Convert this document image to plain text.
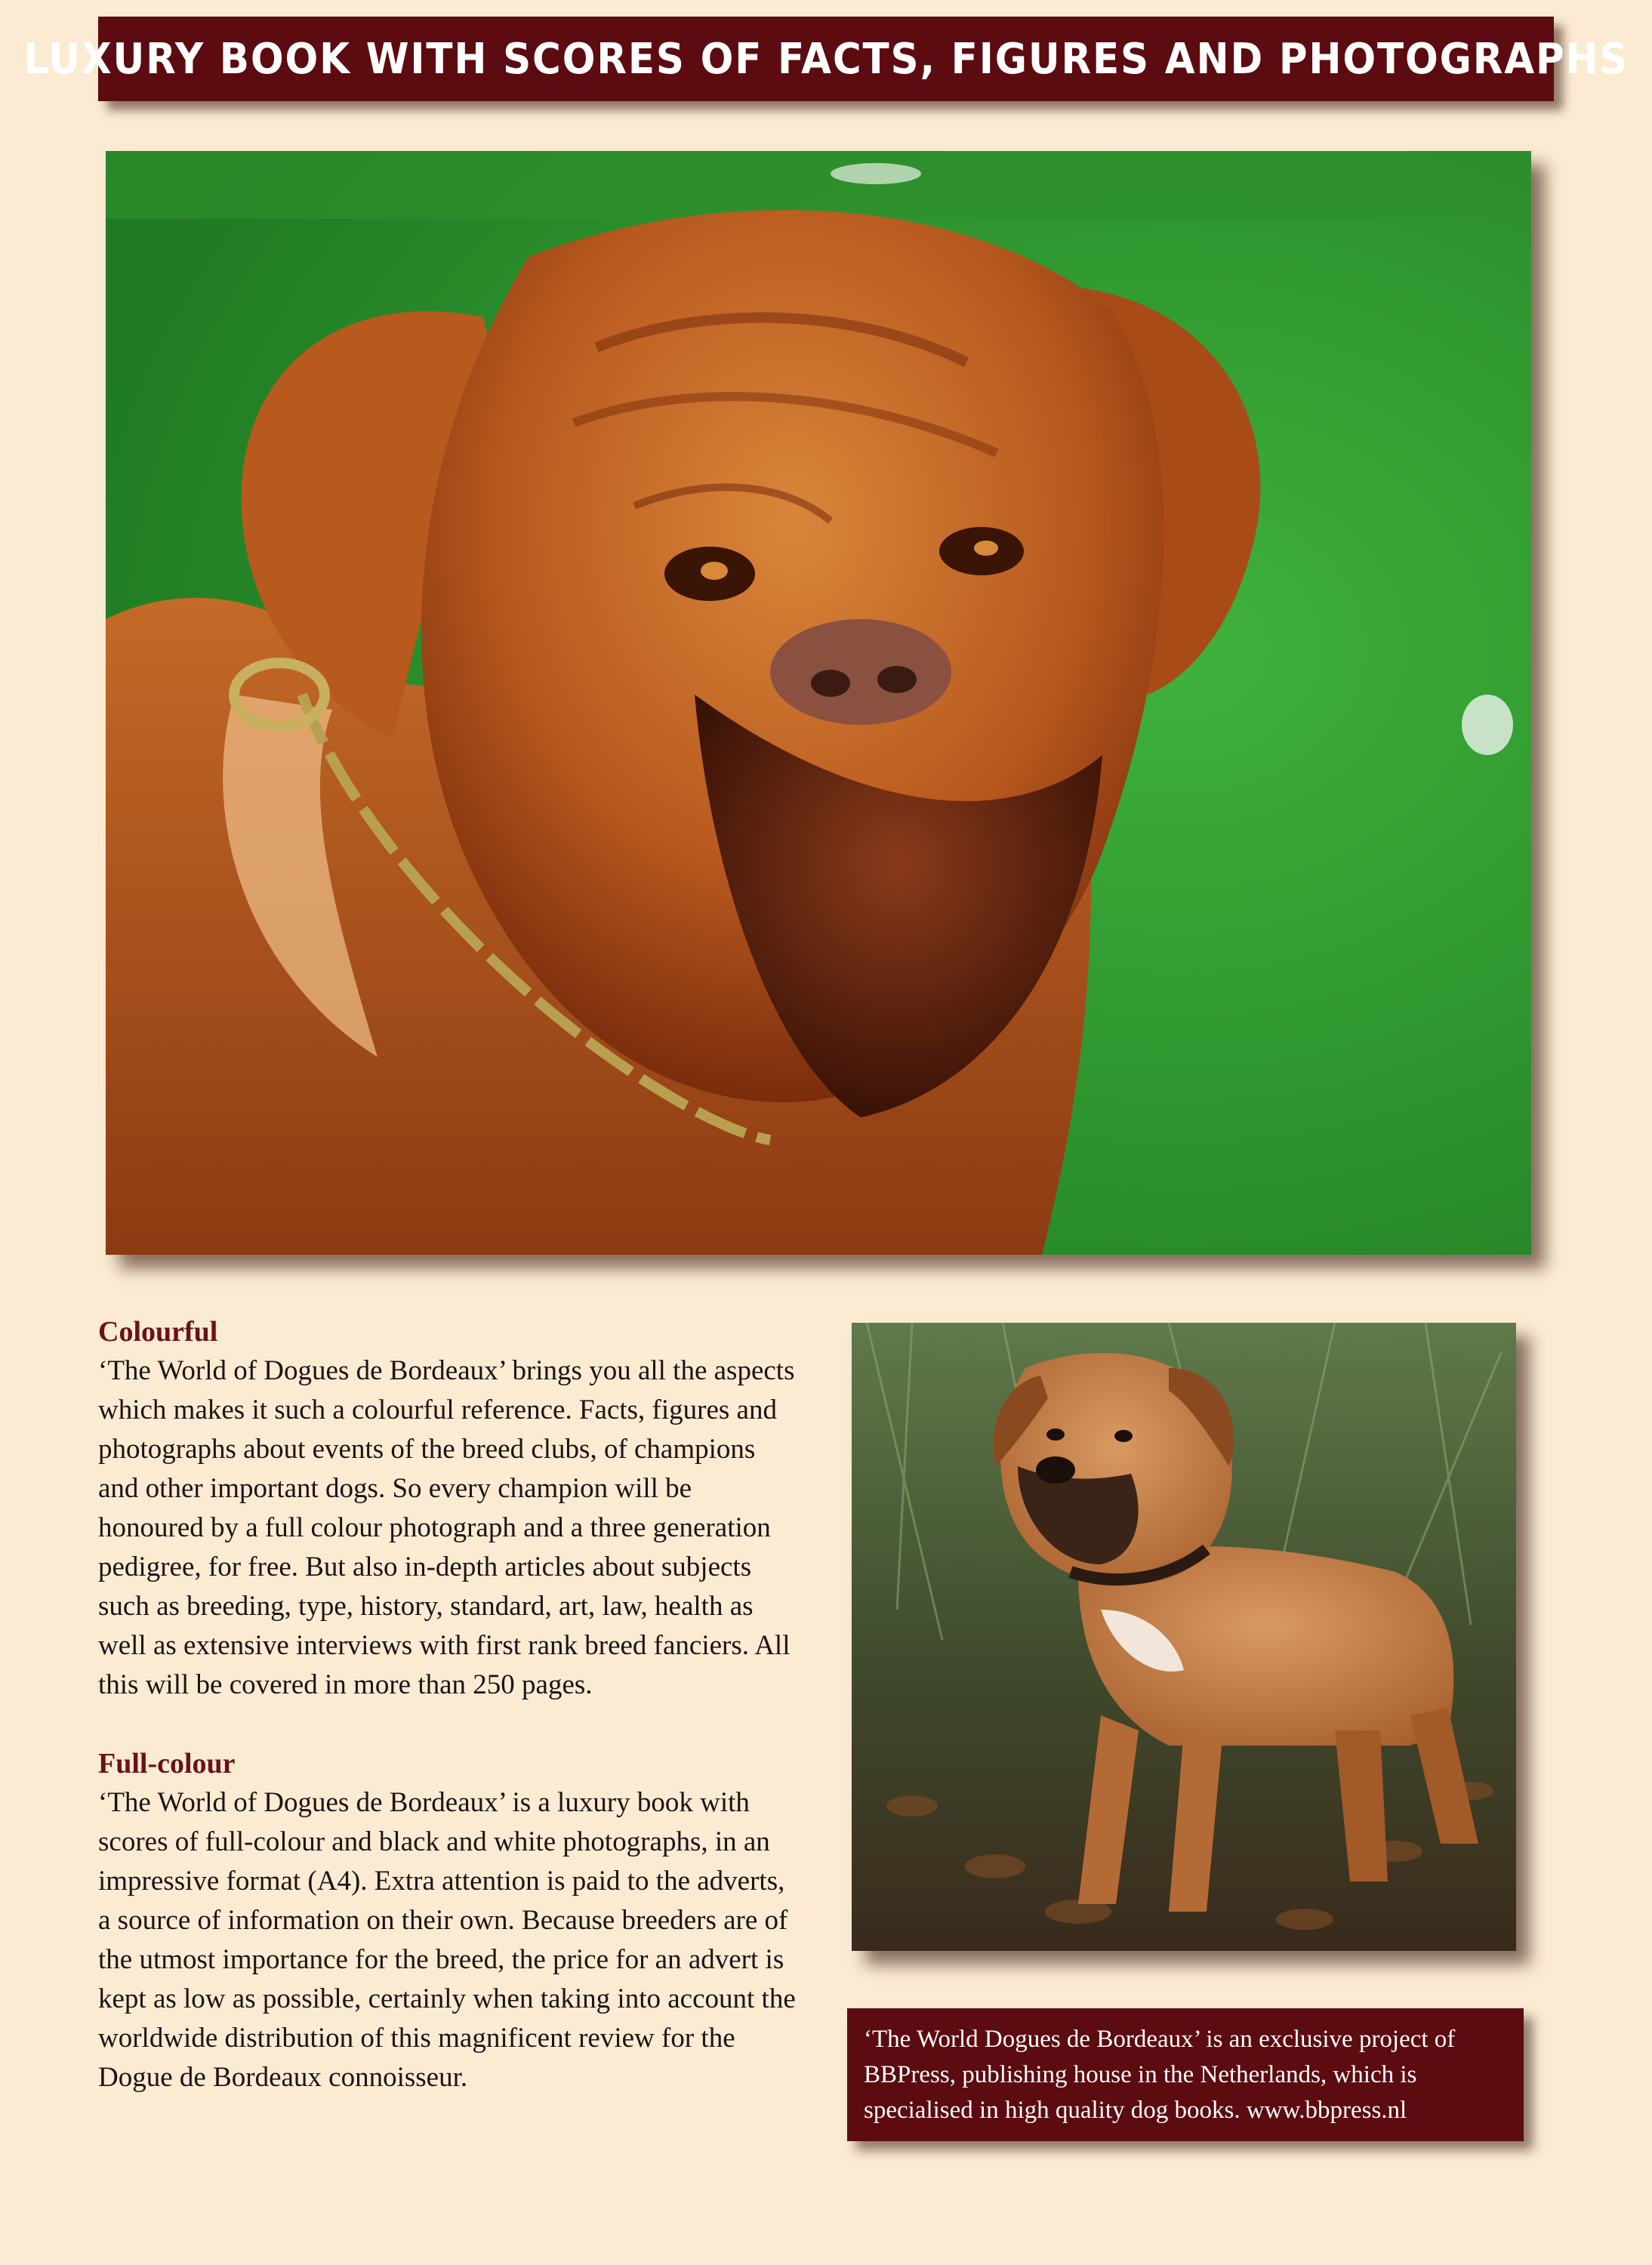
LUXURY BOOK WITH SCORES OF FACTS, FIGURES AND PHOTOGRAPHS

Colourful

‘The World of Dogues de Bordeaux’ brings you all the aspects which makes it such a colourful reference. Facts, figures and photographs about events of the breed clubs, of champions and other important dogs. So every champion will be honoured by a full colour photograph and a three generation pedigree, for free. But also in-depth articles about subjects such as breeding, type, history, standard, art, law, health as well as extensive interviews with first rank breed fanciers. All this will be covered in more than 250 pages.

Full-colour

‘The World of Dogues de Bordeaux’ is a luxury book with scores of full-colour and black and white photographs, in an impressive format (A4). Extra attention is paid to the adverts, a source of information on their own. Because breeders are of the utmost importance for the breed, the price for an advert is kept as low as possible, certainly when taking into account the worldwide distribution of this magnificent review for the Dogue de Bordeaux connoisseur.

‘The World Dogues de Bordeaux’ is an exclusive project of BBPress, publishing house in the Netherlands, which is specialised in high quality dog books. www.bbpress.nl
